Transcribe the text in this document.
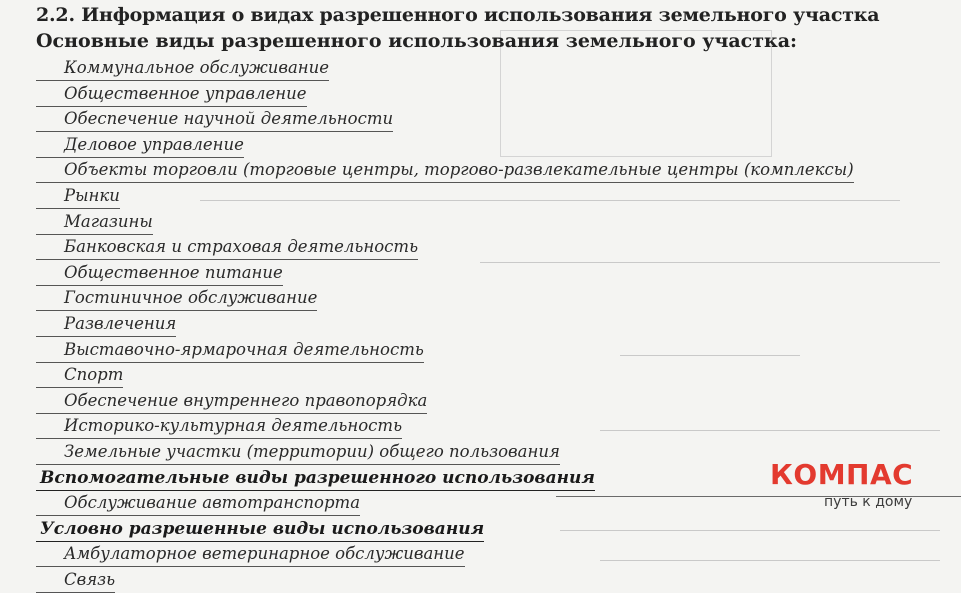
2.2. Информация о видах разрешенного использования земельного участка
Основные виды разрешенного использования земельного участка:
Коммунальное обслуживание
Общественное управление
Обеспечение научной деятельности
Деловое управление
Объекты торговли (торговые центры, торгово-развлекательные центры (комплексы)
Рынки
Магазины
Банковская и страховая деятельность
Общественное питание
Гостиничное обслуживание
Развлечения
Выставочно-ярмарочная деятельность
Спорт
Обеспечение внутреннего правопорядка
Историко-культурная деятельность
Земельные участки (территории) общего пользования
Вспомогательные виды разрешенного использования
Обслуживание автотранспорта
Условно разрешенные виды использования
Амбулаторное ветеринарное обслуживание
Связь
КОМПАС
путь к дому
